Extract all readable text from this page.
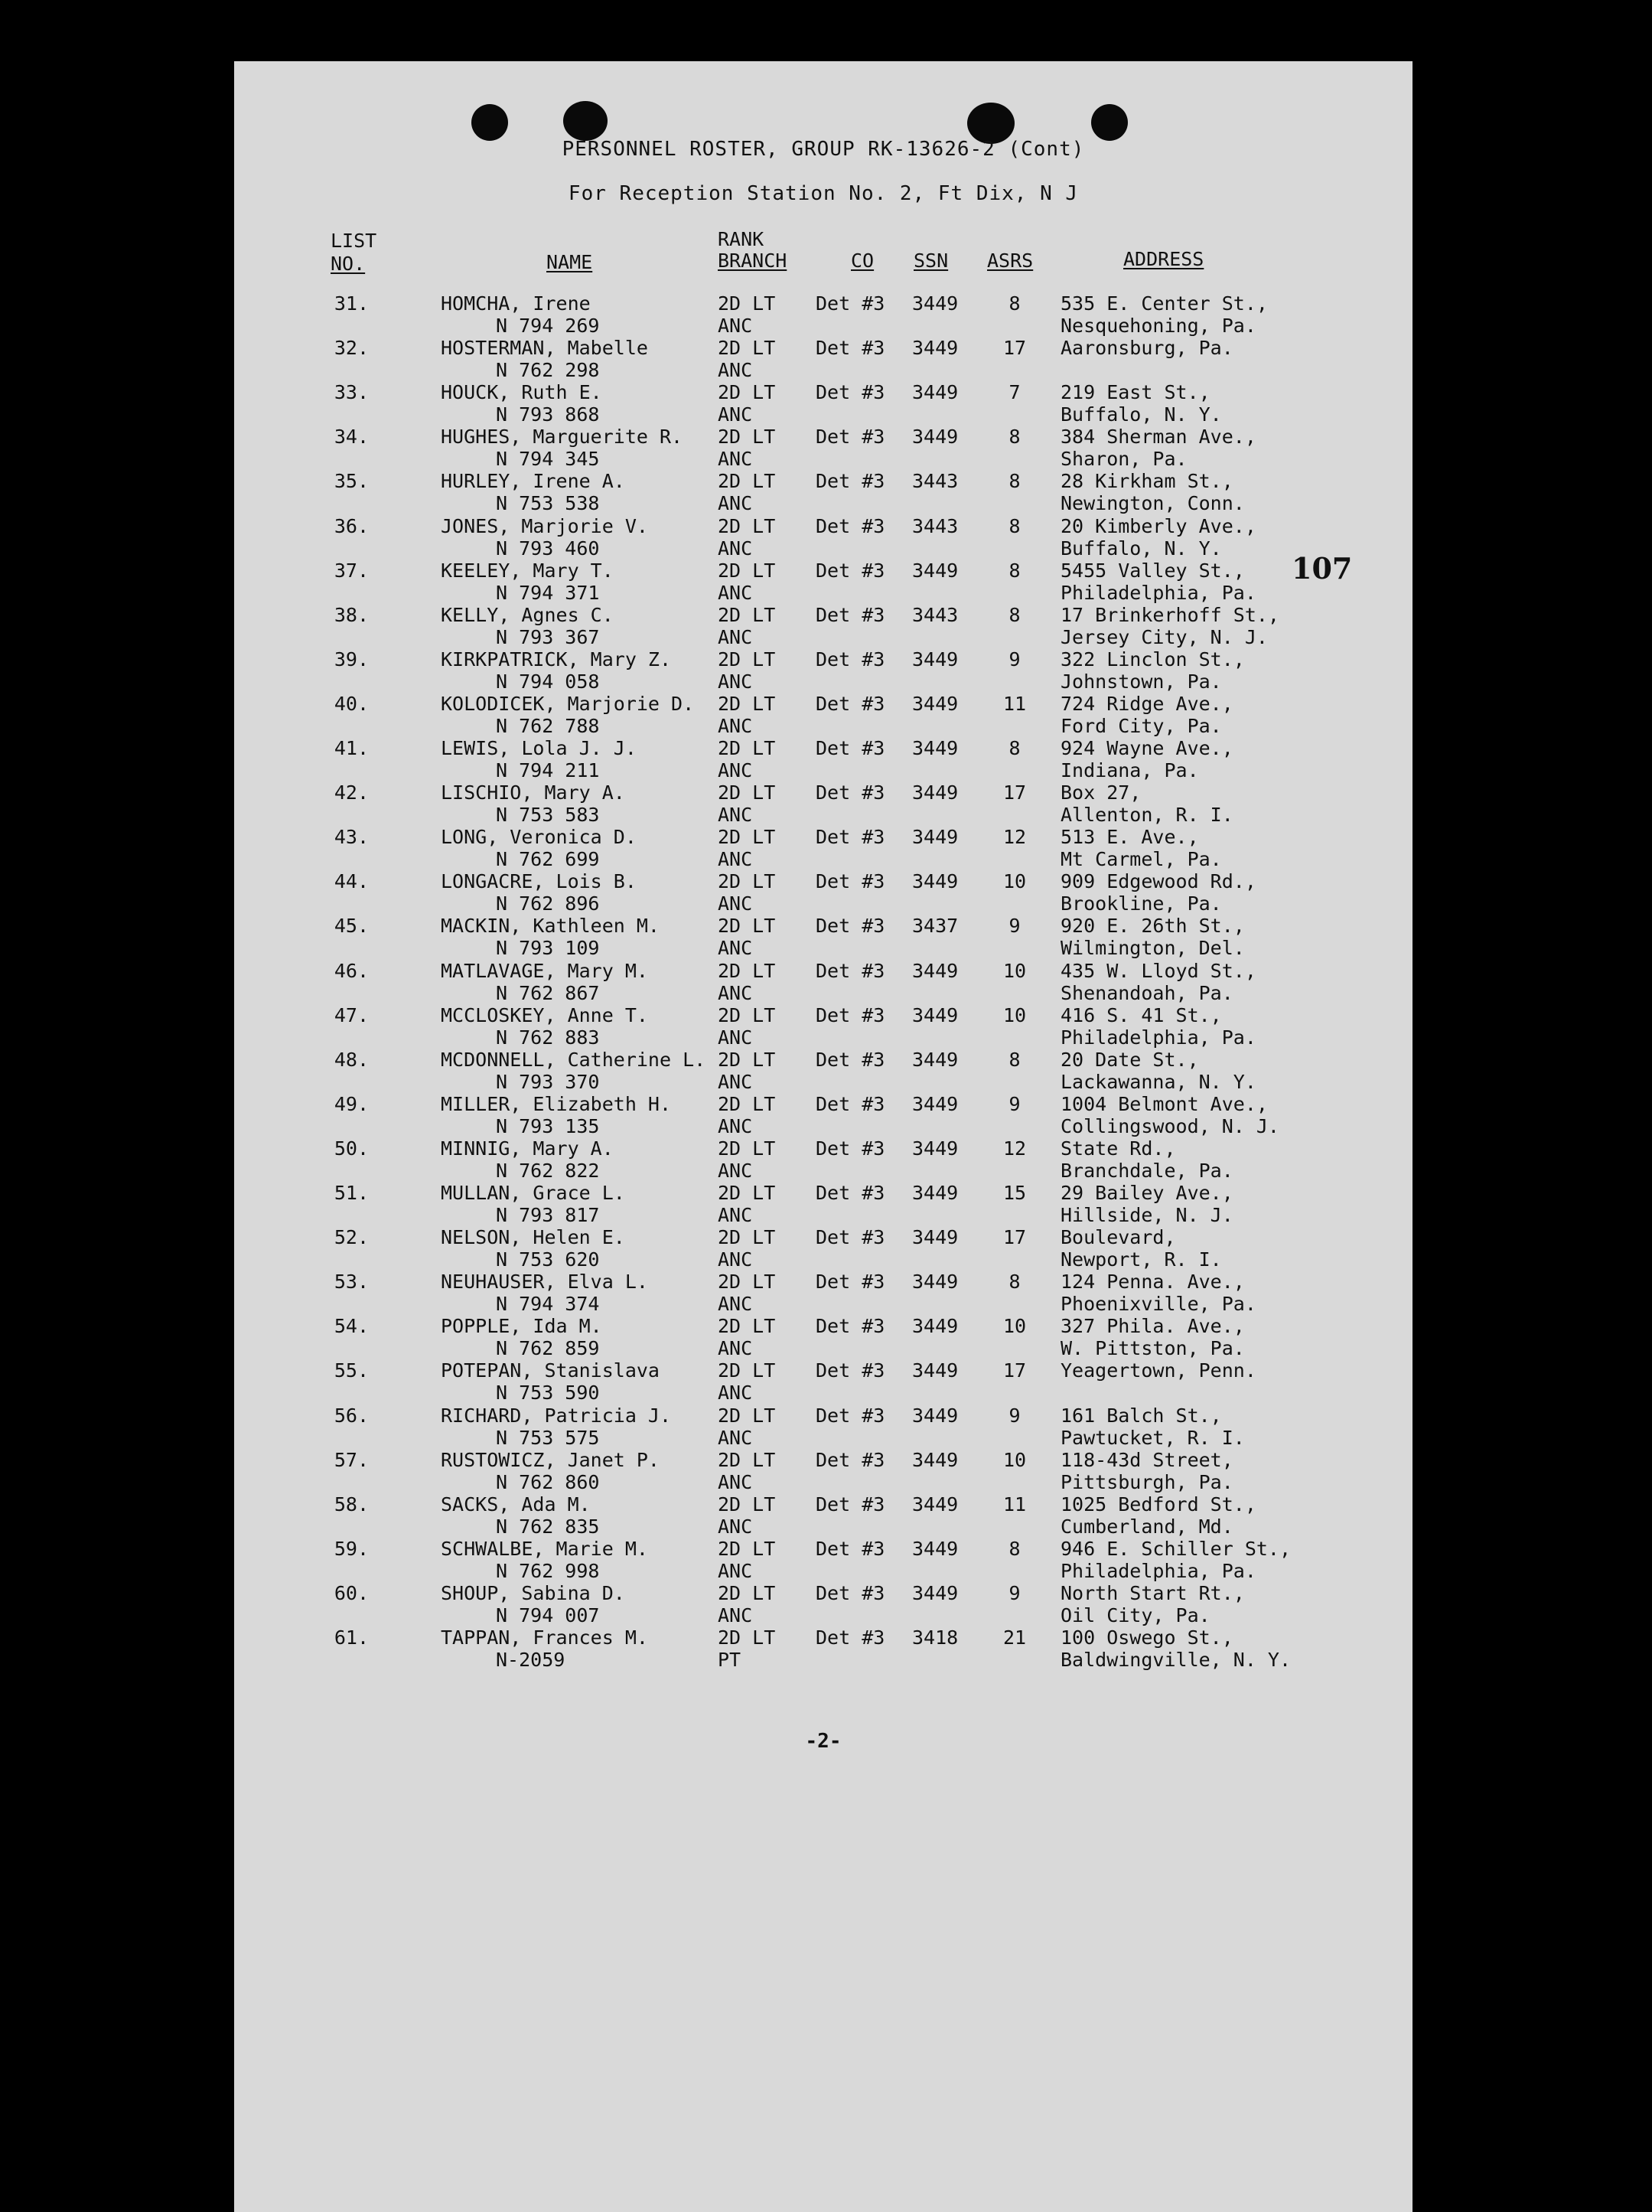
PERSONNEL ROSTER, GROUP RK-13626-2 (Cont)
For Reception Station No. 2, Ft Dix, N J
LIST
NO.	NAME
RANK
BRANCH	CO SSN ASRS	ADDRESS
31.	HOMCHA, Irene
N 794 269
2D LT
ANC
Det #3 3449	8	535 E. Center St.,
Nesquehoning, Pa.
32.	HOSTERMAN, Mabelle
N 762 298
2D LT
ANC
Det #3 3449	17	Aaronsburg, Pa.
33.	HOUCK, Ruth E.
N 793 868
2D LT
ANC
Det #3 3449	7	219 East St.,
Buffalo, N. Y.
34.	HUGHES, Marguerite R.
N 794 345
2D LT
ANC
Det #3 3449	8	384 Sherman Ave.,
Sharon, Pa.
35.	HURLEY, Irene A.
N 753 538
2D LT
ANC
Det #3 3443	8	28 Kirkham St.,
Newington, Conn.
36.	JONES, Marjorie V.
N 793 460
2D LT
ANC
Det #3 3443	8	20 Kimberly Ave.,
Buffalo, N. Y.
37.	KEELEY, Mary T.
N 794 371
2D LT
ANC
Det #3 3449	8	5455 Valley St.,
Philadelphia, Pa.
38.	KELLY, Agnes C.
N 793 367
2D LT
ANC
Det #3 3443	8	17 Brinkerhoff St.,
Jersey City, N. J.
39.	KIRKPATRICK, Mary Z.
N 794 058
2D LT
ANC
Det #3 3449	9	322 Linclon St.,
Johnstown, Pa.
40.	KOLODICEK, Marjorie D.
N 762 788
2D LT
ANC
Det #3 3449	11	724 Ridge Ave.,
Ford City, Pa.
41.	LEWIS, Lola J. J.
N 794 211
2D LT
ANC
Det #3 3449	8	924 Wayne Ave.,
Indiana, Pa.
42.	LISCHIO, Mary A.
N 753 583
2D LT
ANC
Det #3 3449	17	Box 27,
Allenton, R. I.
43.	LONG, Veronica D.
N 762 699
2D LT
ANC
Det #3 3449	12	513 E. Ave.,
Mt Carmel, Pa.
44.	LONGACRE, Lois B.
N 762 896
2D LT
ANC
Det #3 3449	10	909 Edgewood Rd.,
Brookline, Pa.
45.	MACKIN, Kathleen M.
N 793 109
2D LT
ANC
Det #3 3437	9	920 E. 26th St.,
Wilmington, Del.
46.	MATLAVAGE, Mary M.
N 762 867
2D LT
ANC
Det #3 3449	10	435 W. Lloyd St.,
Shenandoah, Pa.
47.	MCCLOSKEY, Anne T.
N 762 883
2D LT
ANC
Det #3 3449	10	416 S. 41 St.,
Philadelphia, Pa.
48.	MCDONNELL, Catherine L.
N 793 370
2D LT
ANC
Det #3 3449	8	20 Date St.,
Lackawanna, N. Y.
49.	MILLER, Elizabeth H.
N 793 135
2D LT
ANC
Det #3 3449	9	1004 Belmont Ave.,
Collingswood, N. J.
50.	MINNIG, Mary A.
N 762 822
2D LT
ANC
Det #3 3449	12	State Rd.,
Branchdale, Pa.
51.	MULLAN, Grace L.
N 793 817
2D LT
ANC
Det #3 3449	15	29 Bailey Ave.,
Hillside, N. J.
52.	NELSON, Helen E.
N 753 620
2D LT
ANC
Det #3 3449	17	Boulevard,
Newport, R. I.
53.	NEUHAUSER, Elva L.
N 794 374
2D LT
ANC
Det #3 3449	8	124 Penna. Ave.,
Phoenixville, Pa.
54.	POPPLE, Ida M.
N 762 859
2D LT
ANC
Det #3 3449	10	327 Phila. Ave.,
W. Pittston, Pa.
55.	POTEPAN, Stanislava
N 753 590
2D LT
ANC
Det #3 3449	17	Yeagertown, Penn.
56.	RICHARD, Patricia J.
N 753 575
2D LT
ANC
Det #3 3449	9	161 Balch St.,
Pawtucket, R. I.
57.	RUSTOWICZ, Janet P.
N 762 860
2D LT
ANC
Det #3 3449	10	118-43d Street,
Pittsburgh, Pa.
58.	SACKS, Ada M.
N 762 835
2D LT
ANC
Det #3 3449	11	1025 Bedford St.,
Cumberland, Md.
59.	SCHWALBE, Marie M.
N 762 998
2D LT
ANC
Det #3 3449	8	946 E. Schiller St.,
Philadelphia, Pa.
60.	SHOUP, Sabina D.
N 794 007
2D LT
ANC
Det #3 3449	9	North Start Rt.,
Oil City, Pa.
61.	TAPPAN, Frances M.
N-2059
2D LT
PT
Det #3 3418	21	100 Oswego St.,
Baldwingville, N. Y.
107
-2-
